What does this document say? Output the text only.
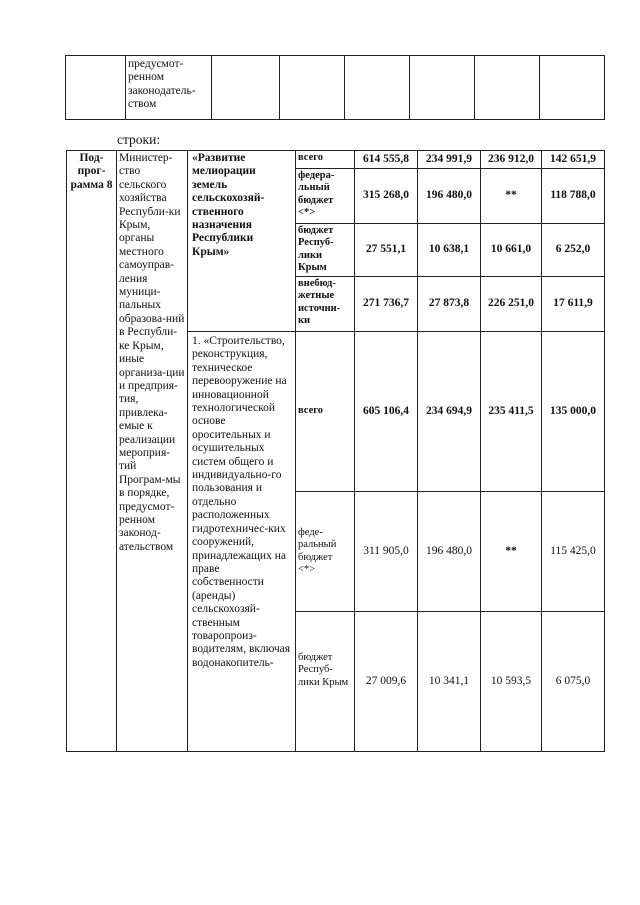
	предусмот-ренном законодатель-ством						
строки:
Под-прог-рамма 8	Министер-ство сельского хозяйства Республи-ки Крым, органы местного самоуправ-ления муници-пальных образова-ний в Республи-ке Крым, иные организа-ции и предприя-тия, привлека-емые к реализации мероприя-тий Програм-мы в порядке, предусмот-ренном законод-ательством	«Развитие мелиорации земель сельскохозяй-ственного назначения Республики Крым»	всего	614 555,8	234 991,9	236 912,0	142 651,9
			федера-льный бюджет <*>	315 268,0	196 480,0	**	118 788,0
			бюджет Респуб-лики Крым	27 551,1	10 638,1	10 661,0	6 252,0
			внебюд-жетные источни-ки	271 736,7	27 873,8	226 251,0	17 611,9
		1. «Строительство, реконструкция, техническое перевооружение на инновационной технологической основе оросительных и осушительных систем общего и индивидуально-го пользования и отдельно расположенных гидротехничес-ких сооружений, принадлежащих на праве собственности (аренды) сельскохозяй-ственным товаропроиз-водителям, включая водонакопитель-	всего	605 106,4	234 694,9	235 411,5	135 000,0
			феде-ральный бюджет <*>	311 905,0	196 480,0	**	115 425,0
			бюджет Респуб-лики Крым	27 009,6	10 341,1	10 593,5	6 075,0
